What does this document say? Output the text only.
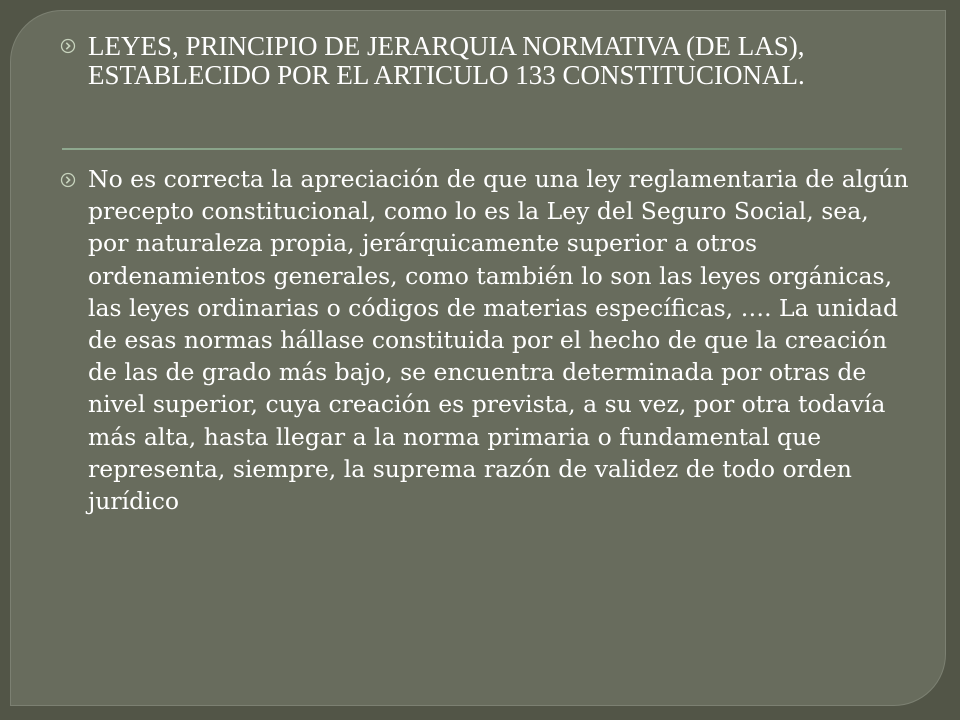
LEYES, PRINCIPIO DE JERARQUIA NORMATIVA (DE LAS), ESTABLECIDO POR EL ARTICULO 133 CONSTITUCIONAL.
No es correcta la apreciación de que una ley reglamentaria de algún precepto constitucional, como lo es la Ley del Seguro Social, sea, por naturaleza propia, jerárquicamente superior a otros ordenamientos generales, como también lo son las leyes orgánicas, las leyes ordinarias o códigos de materias específicas, …. La unidad de esas normas hállase constituida por el hecho de que la creación de las de grado más bajo, se encuentra determinada por otras de nivel superior, cuya creación es prevista, a su vez, por otra todavía más alta, hasta llegar a la norma primaria o fundamental que representa, siempre, la suprema razón de validez de todo orden jurídico
